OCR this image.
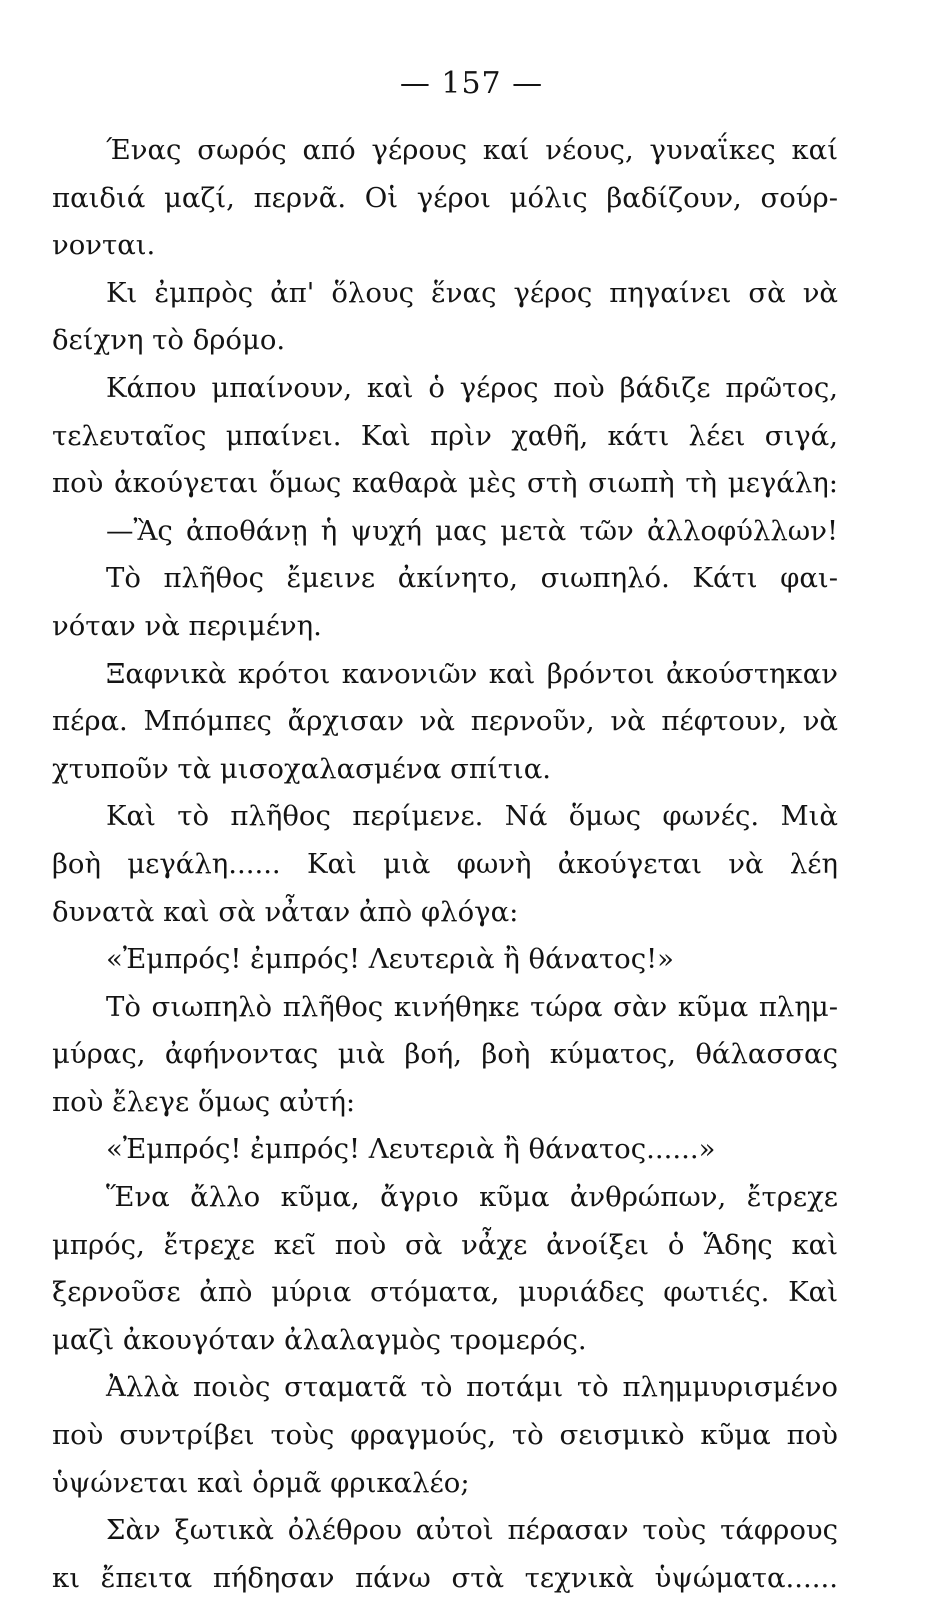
— 157 —
Ένας σωρός από γέρους καί νέους, γυναΐκες καί
παιδιά μαζί, περνᾶ. Οἱ γέροι μόλις βαδίζουν, σούρ-
νονται.
Κι ἐμπρὸς ἀπ' ὅλους ἕνας γέρος πηγαίνει σὰ νὰ
δείχνη τὸ δρόμο.
Κάπου μπαίνουν, καὶ ὁ γέρος ποὺ βάδιζε πρῶτος,
τελευταῖος μπαίνει. Καὶ πρὶν χαθῆ, κάτι λέει σιγά,
ποὺ ἀκούγεται ὅμως καθαρὰ μὲς στὴ σιωπὴ τὴ μεγάλη:
—Ἂς ἀποθάνῃ ἡ ψυχή μας μετὰ τῶν ἀλλοφύλλων!
Τὸ πλῆθος ἔμεινε ἀκίνητο, σιωπηλό. Κάτι φαι-
νόταν νὰ περιμένη.
Ξαφνικὰ κρότοι κανονιῶν καὶ βρόντοι ἀκούστηκαν
πέρα. Μπόμπες ἄρχισαν νὰ περνοῦν, νὰ πέφτουν, νὰ
χτυποῦν τὰ μισοχαλασμένα σπίτια.
Καὶ τὸ πλῆθος περίμενε. Νά ὅμως φωνές. Μιὰ
βοὴ μεγάλη...... Καὶ μιὰ φωνὴ ἀκούγεται νὰ λέη
δυνατὰ καὶ σὰ νἆταν ἀπὸ φλόγα:
«Ἐμπρός! ἐμπρός! Λευτεριὰ ἢ θάνατος!»
Τὸ σιωπηλὸ πλῆθος κινήθηκε τώρα σὰν κῦμα πλημ-
μύρας, ἀφήνοντας μιὰ βοή, βοὴ κύματος, θάλασσας
ποὺ ἔλεγε ὅμως αὐτή:
«Ἐμπρός! ἐμπρός! Λευτεριὰ ἢ θάνατος......»
Ἕνα ἄλλο κῦμα, ἄγριο κῦμα ἀνθρώπων, ἔτρεχε
μπρός, ἔτρεχε κεῖ ποὺ σὰ νἆχε ἀνοίξει ὁ Ἅδης καὶ
ξερνοῦσε ἀπὸ μύρια στόματα, μυριάδες φωτιές. Καὶ
μαζὶ ἀκουγόταν ἀλαλαγμὸς τρομερός.
Ἀλλὰ ποιὸς σταματᾶ τὸ ποτάμι τὸ πλημμυρισμένο
ποὺ συντρίβει τοὺς φραγμούς, τὸ σεισμικὸ κῦμα ποὺ
ὑψώνεται καὶ ὁρμᾶ φρικαλέο;
Σὰν ξωτικὰ ὀλέθρου αὐτοὶ πέρασαν τοὺς τάφρους
κι ἔπειτα πήδησαν πάνω στὰ τεχνικὰ ὑψώματα......
